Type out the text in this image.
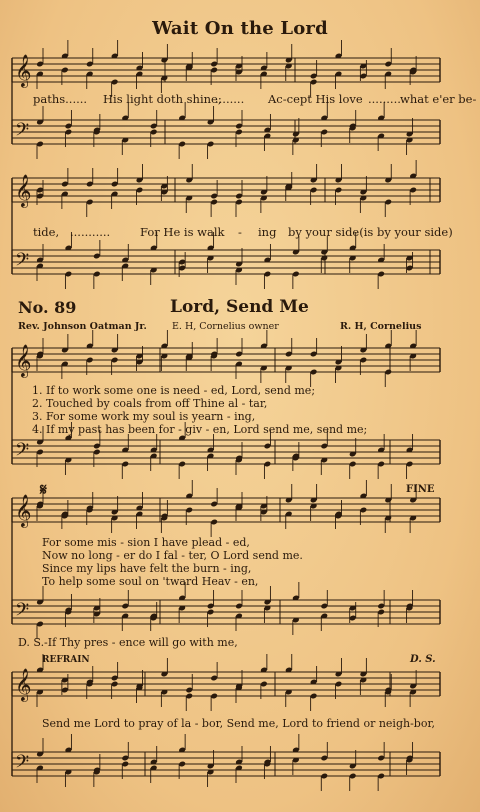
Wait On the Lord
𝄞
𝄢
𝄞
𝄢
𝄞
𝄢
𝄞
𝄢
𝄞
𝄢
paths...... His light doth shine;
........ Ac-cept His love ......... what e'er be-
tide, ...........	For He is walk - ing by your side(is by your side)
No. 89	Lord, Send Me
Rev. Johnson Oatman Jr.	E. H, Cornelius owner	R. H, Cornelius
1. If to work some one is need - ed, Lord, send me;
2. Touched by coals from off Thine al - tar,
3. For some work my soul is yearn - ing,
4. If my past has been for - giv - en, Lord send me, send me;
𝄋	FINE
For some mis - sion I have plead - ed,
Now no long - er do I fal - ter, O Lord send me.
Since my lips have felt the burn - ing,
To help some soul on 'tward Heav - en,
D. S.-If Thy pres - ence will go with me,
REFRAIN	D. S.
Send me Lord to pray of la - bor, Send me, Lord to friend or neigh-bor,
